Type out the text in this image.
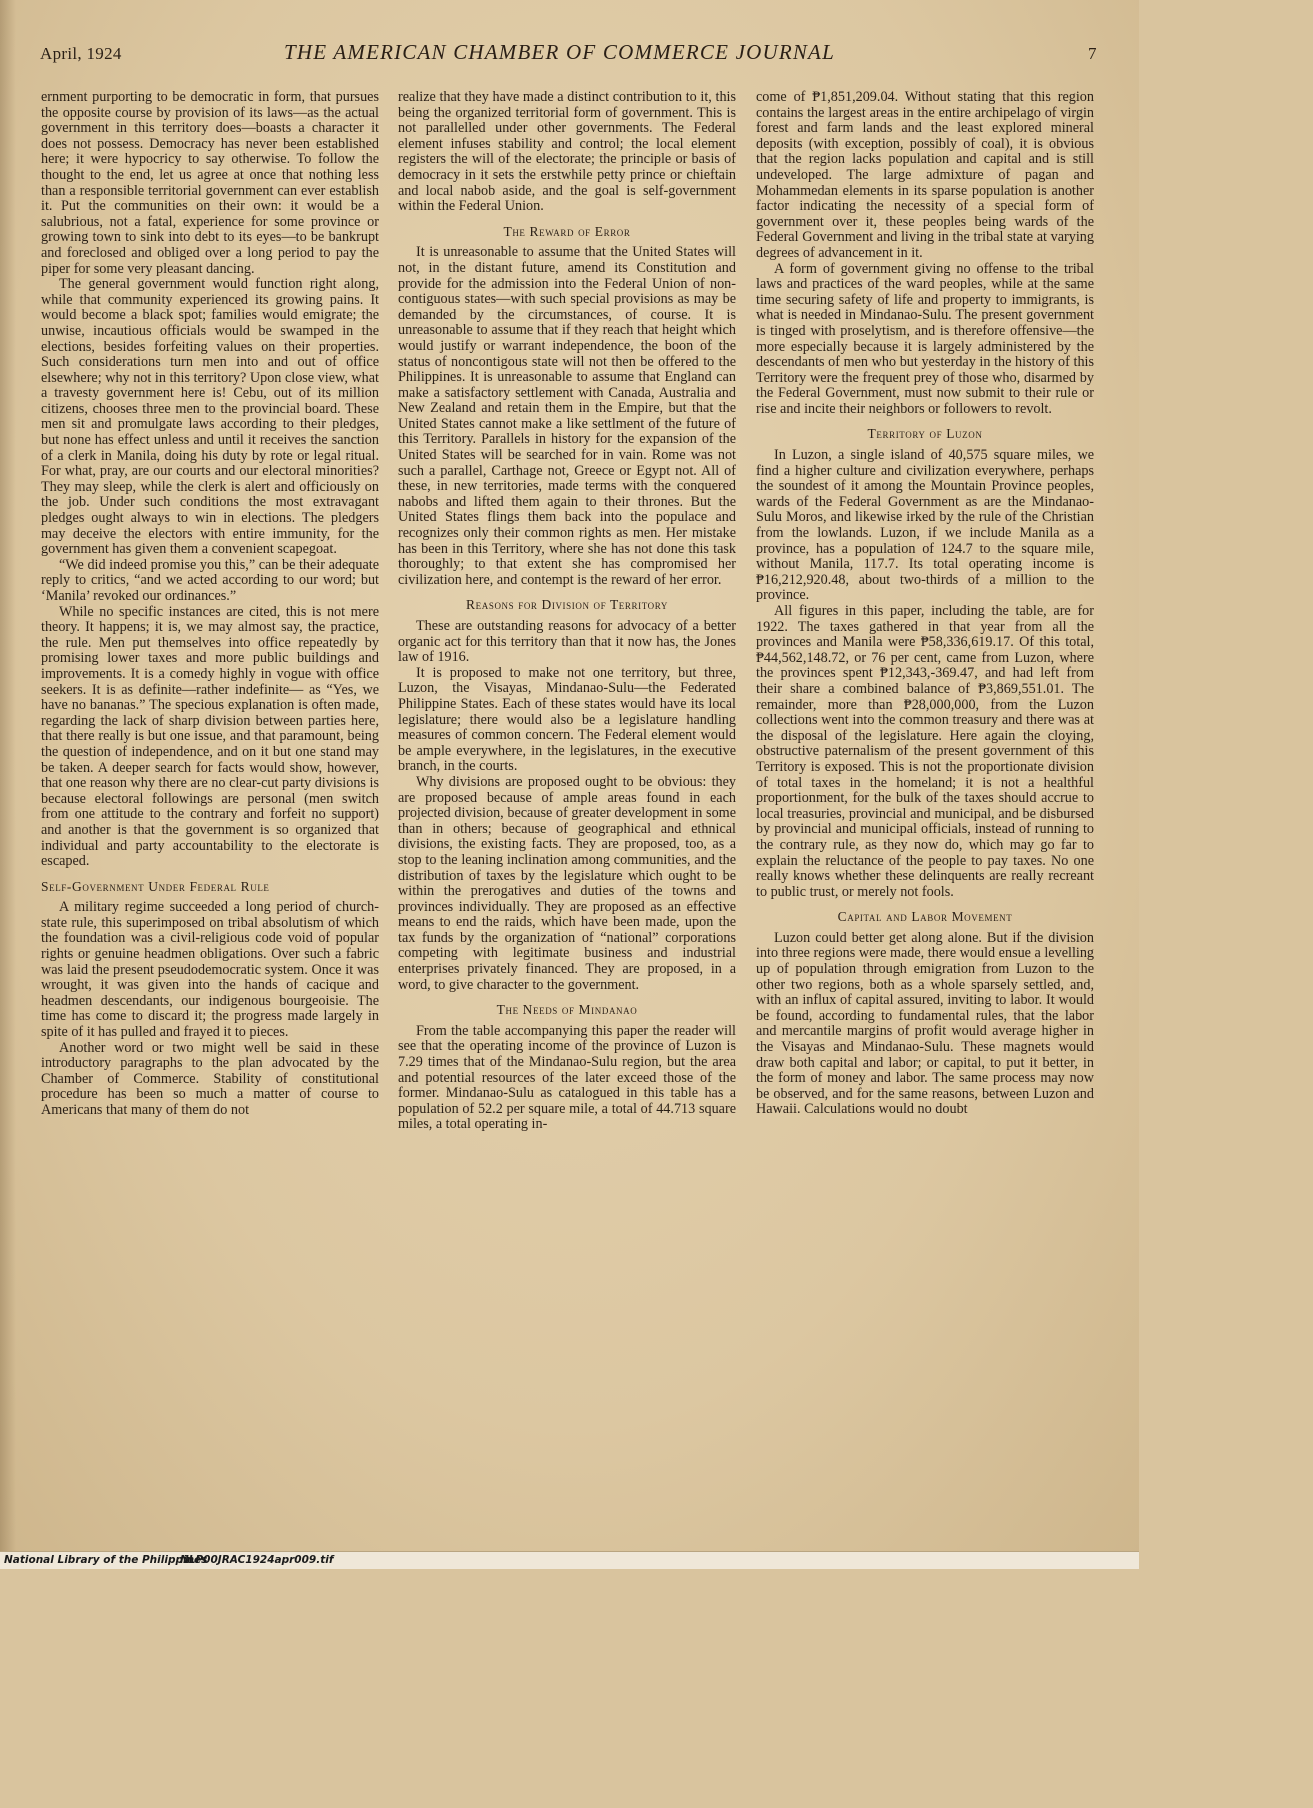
April, 1924	THE AMERICAN CHAMBER OF COMMERCE JOURNAL	7

ernment purporting to be democratic in form, that pursues the opposite course by provision of its laws—as the actual government in this territory does—boasts a character it does not possess. Democracy has never been established here; it were hypocricy to say otherwise. To follow the thought to the end, let us agree at once that nothing less than a responsible territorial government can ever establish it. Put the communities on their own: it would be a salubrious, not a fatal, experience for some province or growing town to sink into debt to its eyes—to be bankrupt and foreclosed and obliged over a long period to pay the piper for some very pleasant dancing.

The general government would function right along, while that community experienced its growing pains. It would become a black spot; families would emigrate; the unwise, incautious officials would be swamped in the elections, besides forfeiting values on their properties. Such considerations turn men into and out of office elsewhere; why not in this territory? Upon close view, what a travesty government here is! Cebu, out of its million citizens, chooses three men to the provincial board. These men sit and promulgate laws according to their pledges, but none has effect unless and until it receives the sanction of a clerk in Manila, doing his duty by rote or legal ritual. For what, pray, are our courts and our electoral minorities? They may sleep, while the clerk is alert and officiously on the job. Under such conditions the most extravagant pledges ought always to win in elections. The pledgers may deceive the electors with entire immunity, for the government has given them a convenient scapegoat.

“We did indeed promise you this,” can be their adequate reply to critics, “and we acted according to our word; but ‘Manila’ revoked our ordinances.”

While no specific instances are cited, this is not mere theory. It happens; it is, we may almost say, the practice, the rule. Men put themselves into office repeatedly by promising lower taxes and more public buildings and improvements. It is a comedy highly in vogue with office seekers. It is as definite—rather indefinite— as “Yes, we have no bananas.” The specious explanation is often made, regarding the lack of sharp division between parties here, that there really is but one issue, and that paramount, being the question of independence, and on it but one stand may be taken. A deeper search for facts would show, however, that one reason why there are no clear-cut party divisions is because electoral followings are personal (men switch from one attitude to the contrary and forfeit no support) and another is that the government is so organized that individual and party accountability to the electorate is escaped.

Self-Government Under Federal Rule

A military regime succeeded a long period of church-state rule, this superimposed on tribal absolutism of which the foundation was a civil-religious code void of popular rights or genuine headmen obligations. Over such a fabric was laid the present pseudodemocratic system. Once it was wrought, it was given into the hands of cacique and headmen descendants, our indigenous bourgeoisie. The time has come to discard it; the progress made largely in spite of it has pulled and frayed it to pieces.

Another word or two might well be said in these introductory paragraphs to the plan advocated by the Chamber of Commerce. Stability of constitutional procedure has been so much a matter of course to Americans that many of them do not

realize that they have made a distinct contribution to it, this being the organized territorial form of government. This is not parallelled under other governments. The Federal element infuses stability and control; the local element registers the will of the electorate; the principle or basis of democracy in it sets the erstwhile petty prince or chieftain and local nabob aside, and the goal is self-government within the Federal Union.

The Reward of Error

It is unreasonable to assume that the United States will not, in the distant future, amend its Constitution and provide for the admission into the Federal Union of non-contiguous states—with such special provisions as may be demanded by the circumstances, of course. It is unreasonable to assume that if they reach that height which would justify or warrant independence, the boon of the status of noncontigous state will not then be offered to the Philippines. It is unreasonable to assume that England can make a satisfactory settlement with Canada, Australia and New Zealand and retain them in the Empire, but that the United States cannot make a like settlment of the future of this Territory. Parallels in history for the expansion of the United States will be searched for in vain. Rome was not such a parallel, Carthage not, Greece or Egypt not. All of these, in new territories, made terms with the conquered nabobs and lifted them again to their thrones. But the United States flings them back into the populace and recognizes only their common rights as men. Her mistake has been in this Territory, where she has not done this task thoroughly; to that extent she has compromised her civilization here, and contempt is the reward of her error.

Reasons for Division of Territory

These are outstanding reasons for advocacy of a better organic act for this territory than that it now has, the Jones law of 1916.

It is proposed to make not one territory, but three, Luzon, the Visayas, Mindanao-Sulu—the Federated Philippine States. Each of these states would have its local legislature; there would also be a legislature handling measures of common concern. The Federal element would be ample everywhere, in the legislatures, in the executive branch, in the courts.

Why divisions are proposed ought to be obvious: they are proposed because of ample areas found in each projected division, because of greater development in some than in others; because of geographical and ethnical divisions, the existing facts. They are proposed, too, as a stop to the leaning inclination among communities, and the distribution of taxes by the legislature which ought to be within the prerogatives and duties of the towns and provinces individually. They are proposed as an effective means to end the raids, which have been made, upon the tax funds by the organization of “national” corporations competing with legitimate business and industrial enterprises privately financed. They are proposed, in a word, to give character to the government.

The Needs of Mindanao

From the table accompanying this paper the reader will see that the operating income of the province of Luzon is 7.29 times that of the Mindanao-Sulu region, but the area and potential resources of the later exceed those of the former. Mindanao-Sulu as catalogued in this table has a population of 52.2 per square mile, a total of 44.713 square miles, a total operating in-

come of ₱1,851,209.04. Without stating that this region contains the largest areas in the entire archipelago of virgin forest and farm lands and the least explored mineral deposits (with exception, possibly of coal), it is obvious that the region lacks population and capital and is still undeveloped. The large admixture of pagan and Mohammedan elements in its sparse population is another factor indicating the necessity of a special form of government over it, these peoples being wards of the Federal Government and living in the tribal state at varying degrees of advancement in it.

A form of government giving no offense to the tribal laws and practices of the ward peoples, while at the same time securing safety of life and property to immigrants, is what is needed in Mindanao-Sulu. The present government is tinged with proselytism, and is therefore offensive—the more especially because it is largely administered by the descendants of men who but yesterday in the history of this Territory were the frequent prey of those who, disarmed by the Federal Government, must now submit to their rule or rise and incite their neighbors or followers to revolt.

Territory of Luzon

In Luzon, a single island of 40,575 square miles, we find a higher culture and civilization everywhere, perhaps the soundest of it among the Mountain Province peoples, wards of the Federal Government as are the Mindanao-Sulu Moros, and likewise irked by the rule of the Christian from the lowlands. Luzon, if we include Manila as a province, has a population of 124.7 to the square mile, without Manila, 117.7. Its total operating income is ₱16,212,920.48, about two-thirds of a million to the province.

All figures in this paper, including the table, are for 1922. The taxes gathered in that year from all the provinces and Manila were ₱58,336,619.17. Of this total, ₱44,562,148.72, or 76 per cent, came from Luzon, where the provinces spent ₱12,343,-369.47, and had left from their share a combined balance of ₱3,869,551.01. The remainder, more than ₱28,000,000, from the Luzon collections went into the common treasury and there was at the disposal of the legislature. Here again the cloying, obstructive paternalism of the present government of this Territory is exposed. This is not the proportionate division of total taxes in the homeland; it is not a healthful proportionment, for the bulk of the taxes should accrue to local treasuries, provincial and municipal, and be disbursed by provincial and municipal officials, instead of running to the contrary rule, as they now do, which may go far to explain the reluctance of the people to pay taxes. No one really knows whether these delinquents are really recreant to public trust, or merely not fools.

Capital and Labor Movement

Luzon could better get along alone. But if the division into three regions were made, there would ensue a levelling up of population through emigration from Luzon to the other two regions, both as a whole sparsely settled, and, with an influx of capital assured, inviting to labor. It would be found, according to fundamental rules, that the labor and mercantile margins of profit would average higher in the Visayas and Mindanao-Sulu. These magnets would draw both capital and labor; or capital, to put it better, in the form of money and labor. The same process may now be observed, and for the same reasons, between Luzon and Hawaii. Calculations would no doubt

National Library of the Philippines
NLP00JRAC1924apr009.tif
